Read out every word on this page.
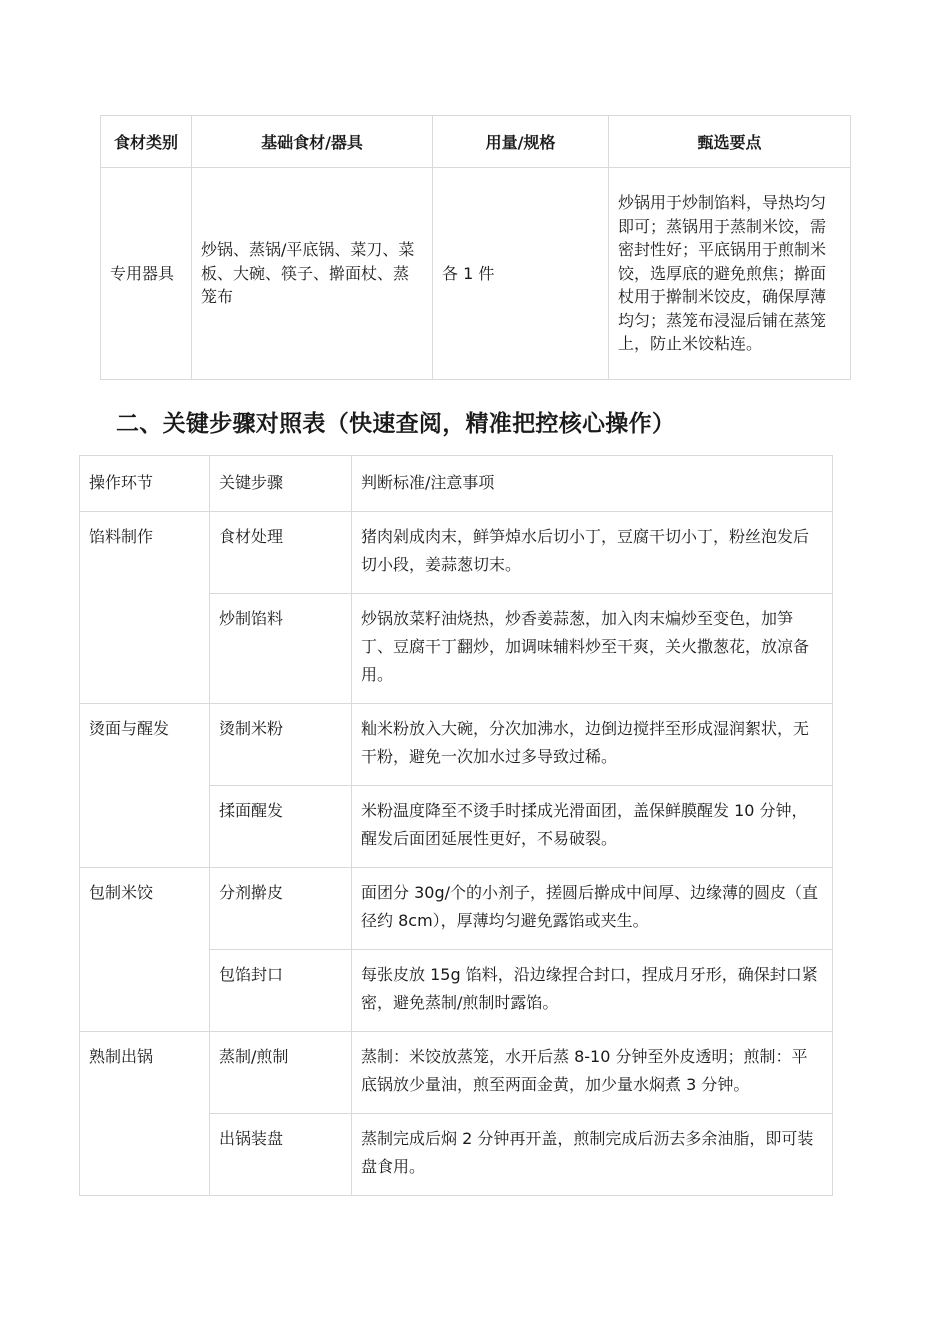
食材类别	基础食材/器具	用量/规格	甄选要点
专用器具	炒锅、蒸锅/平底锅、菜刀、菜板、大碗、筷子、擀面杖、蒸笼布	各 1 件	炒锅用于炒制馅料，导热均匀即可；蒸锅用于蒸制米饺，需密封性好；平底锅用于煎制米饺，选厚底的避免煎焦；擀面杖用于擀制米饺皮，确保厚薄均匀；蒸笼布浸湿后铺在蒸笼上，防止米饺粘连。
二、关键步骤对照表（快速查阅，精准把控核心操作）
操作环节	关键步骤	判断标准/注意事项
馅料制作	食材处理	猪肉剁成肉末，鲜笋焯水后切小丁，豆腐干切小丁，粉丝泡发后切小段，姜蒜葱切末。
	炒制馅料	炒锅放菜籽油烧热，炒香姜蒜葱，加入肉末煸炒至变色，加笋丁、豆腐干丁翻炒，加调味辅料炒至干爽，关火撒葱花，放凉备用。
烫面与醒发	烫制米粉	籼米粉放入大碗，分次加沸水，边倒边搅拌至形成湿润絮状，无干粉，避免一次加水过多导致过稀。
	揉面醒发	米粉温度降至不烫手时揉成光滑面团，盖保鲜膜醒发 10 分钟，醒发后面团延展性更好，不易破裂。
包制米饺	分剂擀皮	面团分 30g/个的小剂子，搓圆后擀成中间厚、边缘薄的圆皮（直径约 8cm），厚薄均匀避免露馅或夹生。
	包馅封口	每张皮放 15g 馅料，沿边缘捏合封口，捏成月牙形，确保封口紧密，避免蒸制/煎制时露馅。
熟制出锅	蒸制/煎制	蒸制：米饺放蒸笼，水开后蒸 8-10 分钟至外皮透明；煎制：平底锅放少量油，煎至两面金黄，加少量水焖煮 3 分钟。
	出锅装盘	蒸制完成后焖 2 分钟再开盖，煎制完成后沥去多余油脂，即可装盘食用。
